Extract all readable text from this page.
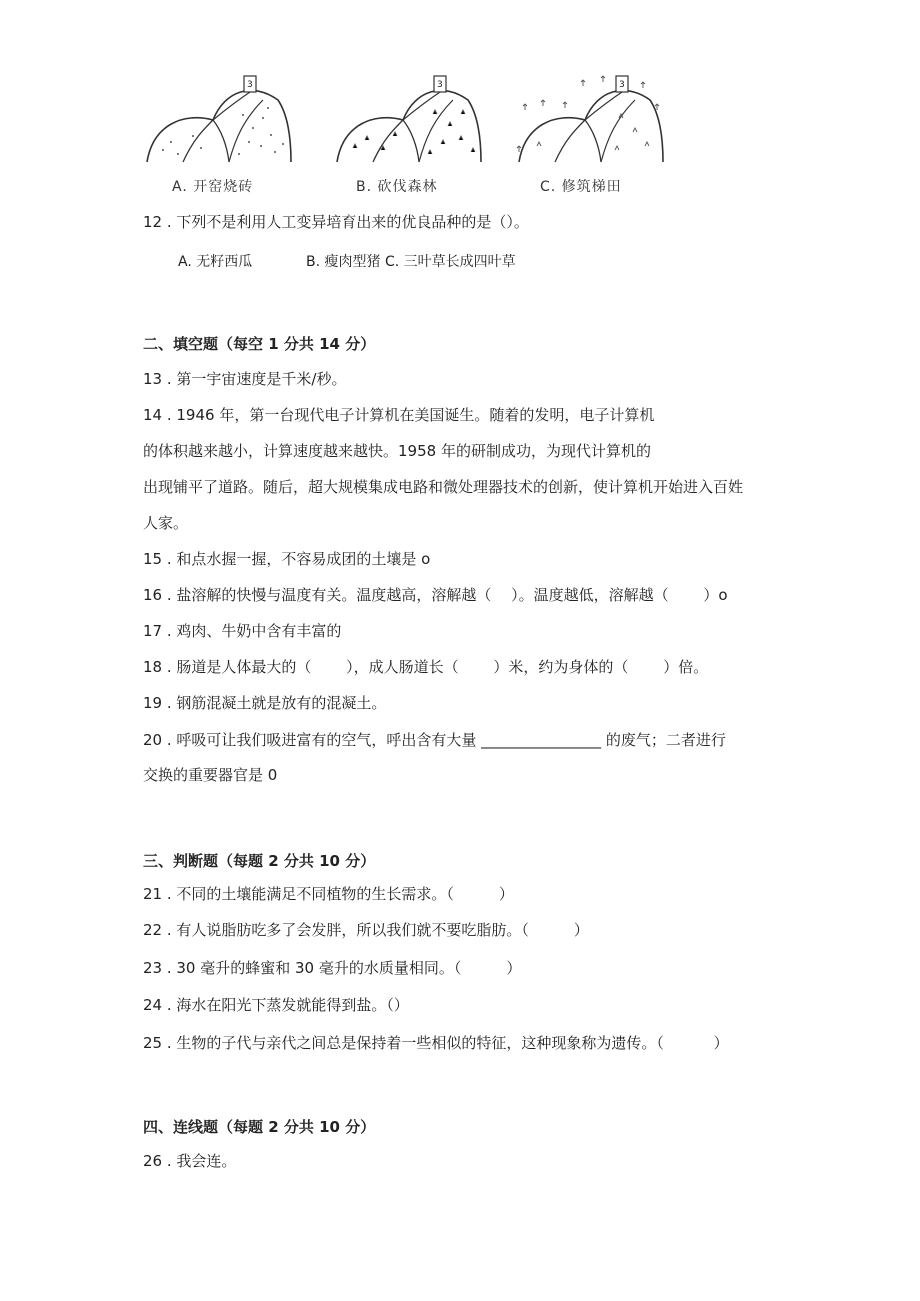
3	3	3
A. 开窑烧砖	B. 砍伐森林	C. 修筑梯田
12 . 下列不是利用人工变异培育出来的优良品种的是（）。
A. 无籽西瓜	B. 瘦肉型猪 C. 三叶草长成四叶草
二、填空题（每空 1 分共 14 分）
13 . 第一宇宙速度是千米/秒。
14 . 1946 年，第一台现代电子计算机在美国诞生。随着的发明，电子计算机
的体积越来越小，计算速度越来越快。1958 年的研制成功，为现代计算机的
出现铺平了道路。随后，超大规模集成电路和微处理器技术的创新，使计算机开始进入百姓
人家。
15 . 和点水握一握，不容易成团的土壤是 o
16 . 盐溶解的快慢与温度有关。温度越高，溶解越（　 ）。温度越低，溶解越（　　 ）o
17 . 鸡肉、牛奶中含有丰富的
18 . 肠道是人体最大的（　　 ），成人肠道长（　　 ）米，约为身体的（　　 ）倍。
19 . 钢筋混凝土就是放有的混凝土。
20 . 呼吸可让我们吸进富有的空气，呼出含有大量 ________________ 的废气；二者进行
交换的重要器官是 0
三、判断题（每题 2 分共 10 分）
21 . 不同的土壤能满足不同植物的生长需求。（　　　）
22 . 有人说脂肪吃多了会发胖，所以我们就不要吃脂肪。（　　　）
23 . 30 毫升的蜂蜜和 30 毫升的水质量相同。（　　　）
24 . 海水在阳光下蒸发就能得到盐。（）
25 . 生物的子代与亲代之间总是保持着一些相似的特征，这种现象称为遗传。（　　　 ）
四、连线题（每题 2 分共 10 分）
26 . 我会连。
